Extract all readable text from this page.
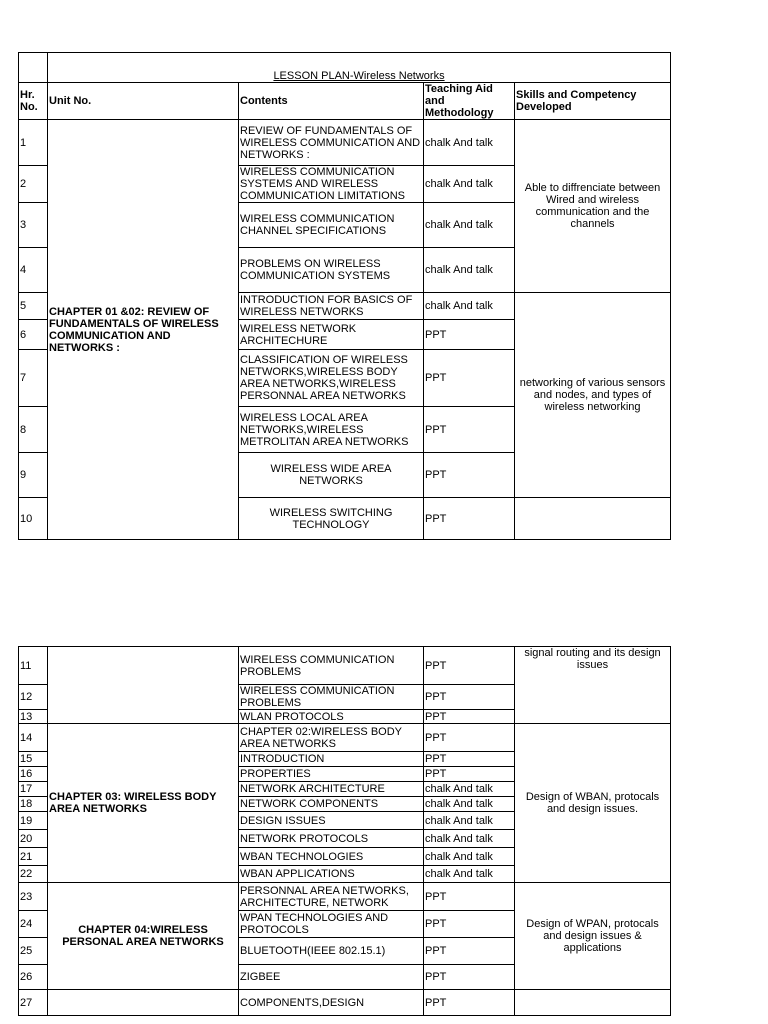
	LESSON PLAN-Wireless Networks			
Hr. No.	Unit No.	Contents	Teaching Aid and Methodology	Skills and Competency Developed
1	CHAPTER 01 &02: REVIEW OF FUNDAMENTALS OF WIRELESS COMMUNICATION AND NETWORKS :	REVIEW OF FUNDAMENTALS OF WIRELESS COMMUNICATION AND NETWORKS :	chalk And talk	Able to diffrenciate between Wired and wireless communication and the channels
2		WIRELESS COMMUNICATION SYSTEMS AND WIRELESS COMMUNICATION LIMITATIONS	chalk And talk	
3		WIRELESS COMMUNICATION CHANNEL SPECIFICATIONS	chalk And talk	
4		PROBLEMS ON WIRELESS COMMUNICATION SYSTEMS	chalk And talk	
5		INTRODUCTION FOR BASICS OF WIRELESS NETWORKS	chalk And talk	networking of various sensors and nodes, and types of wireless networking
6		WIRELESS NETWORK ARCHITECHURE	PPT	
7		CLASSIFICATION OF WIRELESS NETWORKS,WIRELESS BODY AREA NETWORKS,WIRELESS PERSONNAL AREA NETWORKS	PPT	
8		WIRELESS LOCAL AREA NETWORKS,WIRELESS METROLITAN AREA NETWORKS	PPT	
9		WIRELESS WIDE AREA NETWORKS	PPT	
10		WIRELESS SWITCHING TECHNOLOGY	PPT	
11		WIRELESS COMMUNICATION PROBLEMS	PPT	signal routing and its design issues
12		WIRELESS COMMUNICATION PROBLEMS	PPT	
13		WLAN PROTOCOLS	PPT	
14	CHAPTER 03: WIRELESS BODY AREA NETWORKS	CHAPTER 02:WIRELESS BODY AREA NETWORKS	PPT	Design of WBAN, protocals and design issues.
15		INTRODUCTION	PPT	
16		PROPERTIES	PPT	
17		NETWORK ARCHITECTURE	chalk And talk	
18		NETWORK COMPONENTS	chalk And talk	
19		DESIGN ISSUES	chalk And talk	
20		NETWORK PROTOCOLS	chalk And talk	
21		WBAN TECHNOLOGIES	chalk And talk	
22		WBAN APPLICATIONS	chalk And talk	
23	CHAPTER 04:WIRELESS PERSONAL AREA NETWORKS	PERSONNAL AREA NETWORKS, ARCHITECTURE, NETWORK	PPT	Design of WPAN, protocals and design issues & applications
24		WPAN TECHNOLOGIES AND PROTOCOLS	PPT	
25		BLUETOOTH(IEEE 802.15.1)	PPT	
26		ZIGBEE	PPT	
27		COMPONENTS,DESIGN	PPT	
